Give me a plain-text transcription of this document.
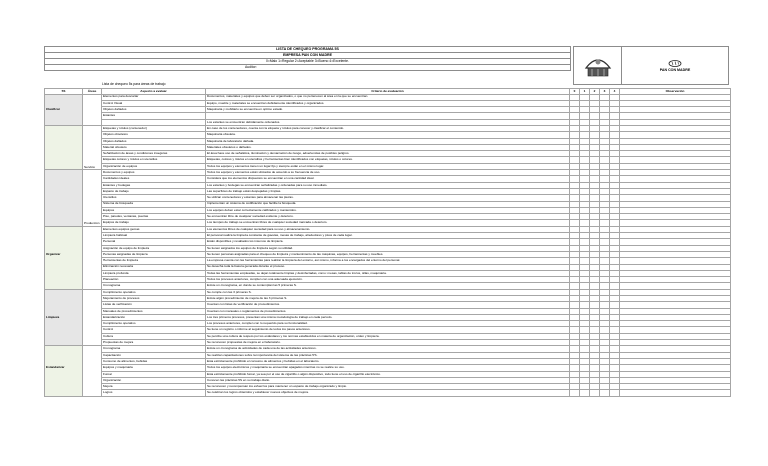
LISTA DE CHEQUEO PROGRAMA 5S
EMPRESA PAN CON MADRE
0=Malo 1=Regular 2=Aceptable 3=Bueno 4=Excelente.
Auditor:

PAN CON MADRE
Lista de chequeo 5s para áreas de trabajo
5S	Áreas	Aspecto a evaluar	Criterio de evaluación	0	1	2	3	4	Observación
		Elementos para descartar	Documentos, materiales y equipos que deben ser organizados, o que no pertenecen al área en la que se encuentran.						
		Control Visual	Equipo, mueble y materiales se encuentran debidamente identificados y organizados.						
Clasificar		Objetos dañados	Maquinaria y mobiliario se encuentra en optimo estado.						
		Estantes							
			Los estantes se encuentran debidamente ordenados.						
		Etiquetas y rótulos (contenedor)	En caso de los contenedores, cuenta con la etiqueta y rótulos para conocer y clasificar el contenido.						
		Objetos obsoletos	Maquinaria obsoleta.						
		Objetos dañados	Maquinaria de laboratorio dañada.						
		Material obsoleto	Materiales obsoletos o dañados.						
		Señalización de áreas y condiciones inseguras	El área hace uso de señalética, iluminación y demarcación de riesgo, advertencias de posibles peligros.						
		Etiquetas colores y rótulos en utensilios	Etiquetas, colores y rótulos en utensilios y herramientas bien identificados con etiquetas, rótulos o colores.						
	Servicio	Organización de equipos	Todos los equipos y elementos tienen un lugar fijo y siempre están en el mismo lugar.						
		Documentos y equipos	Todos los equipos y elementos están ubicados de acuerdo a su frecuencia de uso.						
		Cantidades ideales	Considera que los elementos dispuestos se encuentran en una cantidad ideal.						
		Estantes y bodegas	Los estantes y bodegas se encuentran señalizadas y ordenadas para su uso inmediato.						
		Espacio de trabajo	Las superficies de trabajo están despejadas y limpias.						
		Utensilios	Se utilizan contenedores y estantes para almacenar las piezas.						
		Sistema de búsqueda	Implementan un sistema de codificación que facilite la búsqueda.						
		Equipos	Los equipos deben estar correctamente calibrados y mantenidos.						
		Piso, paredes, ventanas, puertas	Se encuentran libre de cualquier suciedad evidente y deterioro.						
	Producción	Equipos de trabajo	Los tiempos de trabajo se encuentran libres de cualquier suciedad marcada o deterioro.						
		Elementos equipos gemas	Los elementos libres de cualquier suciedad para su uso y almacenamiento.						
		Limpieza habitual	El personal realiza la limpieza constante de gavetas, mesas de trabajo, alrededores y pisos de cada lugar.						
		Personal	Están disponibles y resaltados los insumos de limpieza.						
		Asignación de equipo de limpieza	Se tienen asignados los equipos de limpieza según su utilidad.						
Organizar		Personas asignadas de limpieza	Se tienen personas asignadas para el chequeo de limpieza y mantenimiento de las máquinas, equipos, herramientas y muebles.						
		Herramientas de limpieza	La empresa cuenta con las herramientas para realizar la limpieza del entorno, así mismo, informa a los encargados del entorno del personal.						
		Eliminación necesaria	Se desecha toda la basura generada durante el proceso.						
		Limpieza profunda	Todas las herramientas empleadas, se dejan totalmente limpias y desinfectadas, como: mesas, tablas de trozos, sillas, maquinaria.						
		Planeación	Todos los procesos anteriores, cumplen con una adecuada ejecución.						
		Cronograma	Existe un cronograma, en donde se contemplan las 5 primeras S.						
		Cumplimiento operativo	Se cumple con las 3 primeras S.						
		Mejoramiento de procesos	Existe algún procedimiento de mejora de las 3 primeras S.						
		Listas de verificación	Cuentan con listas de verificación de procedimientos.						
		Manuales de procedimientos	Cuentan con manuales o reglamentos de procedimientos.						
Limpieza		Estandarización	Los tres primeros procesos, presentan una misma metodología de trabajo en cada período.						
		Cumplimiento operativo	Los procesos anteriores, cumplen con lo requerido para su funcionalidad.						
		Control	Se tiene un registro o informe al seguimiento de todos los pasos anteriores.						
		Cultura	Se percibe una cultura de respeto por los estándares y los normas establecidos en materia de organización, orden y limpieza.						
		Propuestas de mejora	Se reconocen propuestas de mejora en el laboratorio.						
		Cronograma	Existe un cronograma de actividades de cada una de las actividades anteriores.						
		Capacitación	Se realizan capacitaciones sobre la importancia del sistema de las prácticas 5'S.						
		Consumo de alimentos, bebidas	Esta estrictamente prohibido el consumo de alimentos y bebidas en el laboratorio.						
Estandarizar		Equipos y maquinaria	Todos los equipos electrónicos y maquinaria se encuentran apagados mientras no se realice su uso.						
		Fumar	Esta estrictamente prohibido fumar, ya sea por el uso de cigarrillo o algún dispositivo, todo tiene el uso de cigarrillo electrónico.						
		Organización	Conocen las prácticas 5S en su trabajo diario.						
		Mejora	Se reconocen y recompensan los esfuerzos para mantener un espacio de trabajo organizado y limpio.						
		Logros	Se celebran los logros obtenidos y establecer nuevos objetivos de mejora.						
